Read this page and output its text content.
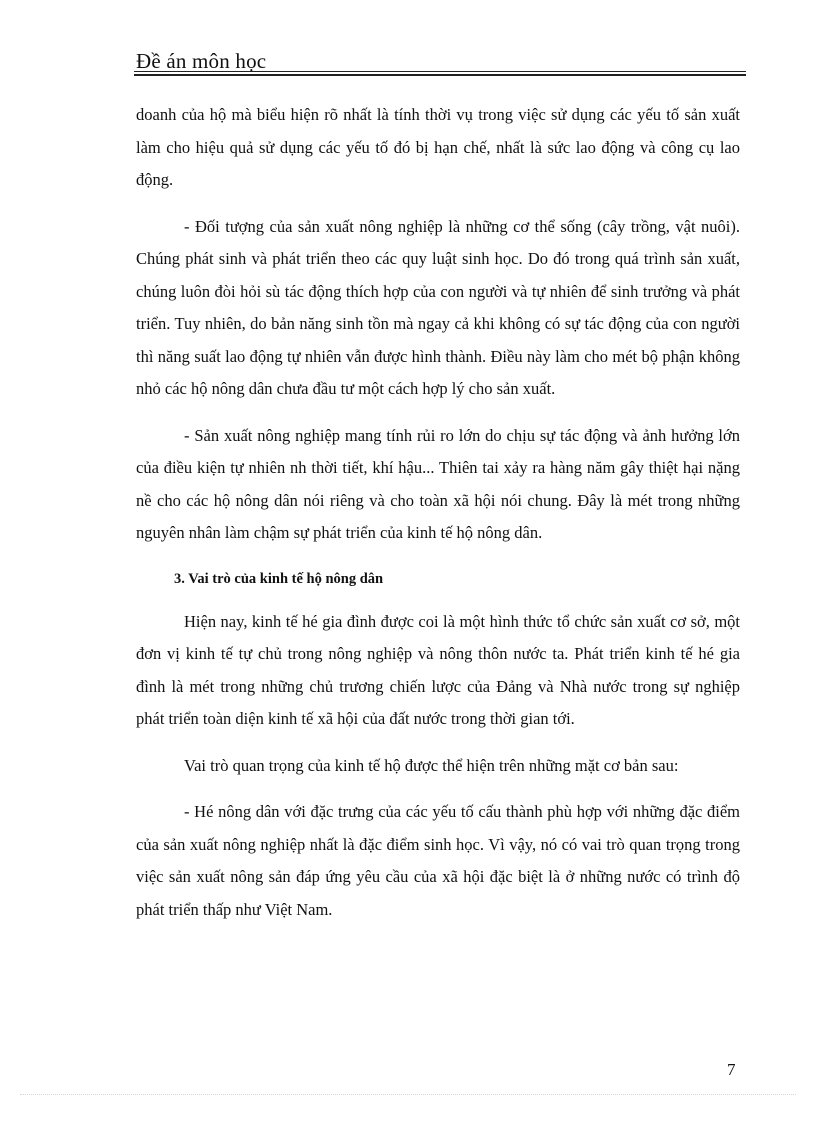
Đề án môn học

doanh của hộ mà biểu hiện rõ nhất là tính thời vụ trong việc sử dụng các yếu tố sản xuất làm cho hiệu quả sử dụng các yếu tố đó bị hạn chế, nhất là sức lao động và công cụ lao động.

- Đối tượng của sản xuất nông nghiệp là những cơ thể sống (cây trồng, vật nuôi). Chúng phát sinh và phát triển theo các quy luật sinh học. Do đó trong quá trình sản xuất, chúng luôn đòi hỏi sù tác động thích hợp của con người và tự nhiên để sinh trưởng và phát triển. Tuy nhiên, do bản năng sinh tồn mà ngay cả khi không có sự tác động của con người thì năng suất lao động tự nhiên vẫn được hình thành. Điều này làm cho mét bộ phận không nhỏ các hộ nông dân chưa đầu tư một cách hợp lý cho sản xuất.

- Sản xuất nông nghiệp mang tính rủi ro lớn do chịu sự tác động và ảnh hưởng lớn của điều kiện tự nhiên nh thời tiết, khí hậu... Thiên tai xảy ra hàng năm gây thiệt hại nặng nề cho các hộ nông dân nói riêng và cho toàn xã hội nói chung. Đây là mét trong những nguyên nhân làm chậm sự phát triển của kinh tế hộ nông dân.

3. Vai trò của kinh tế hộ nông dân

Hiện nay, kinh tế hé gia đình được coi là một hình thức tổ chức sản xuất cơ sở, một đơn vị kinh tế tự chủ trong nông nghiệp và nông thôn nước ta. Phát triển kinh tế hé gia đình là mét trong những chủ trương chiến lược của Đảng và Nhà nước trong sự nghiệp phát triển toàn diện kinh tế xã hội của đất nước trong thời gian tới.

Vai trò quan trọng của kinh tế hộ được thể hiện trên những mặt cơ bản sau:

- Hé nông dân với đặc trưng của các yếu tố cấu thành phù hợp với những đặc điểm của sản xuất nông nghiệp nhất là đặc điểm sinh học. Vì vậy, nó có vai trò quan trọng trong việc sản xuất nông sản đáp ứng yêu cầu của xã hội đặc biệt là ở những nước có trình độ phát triển thấp như Việt Nam.

7
